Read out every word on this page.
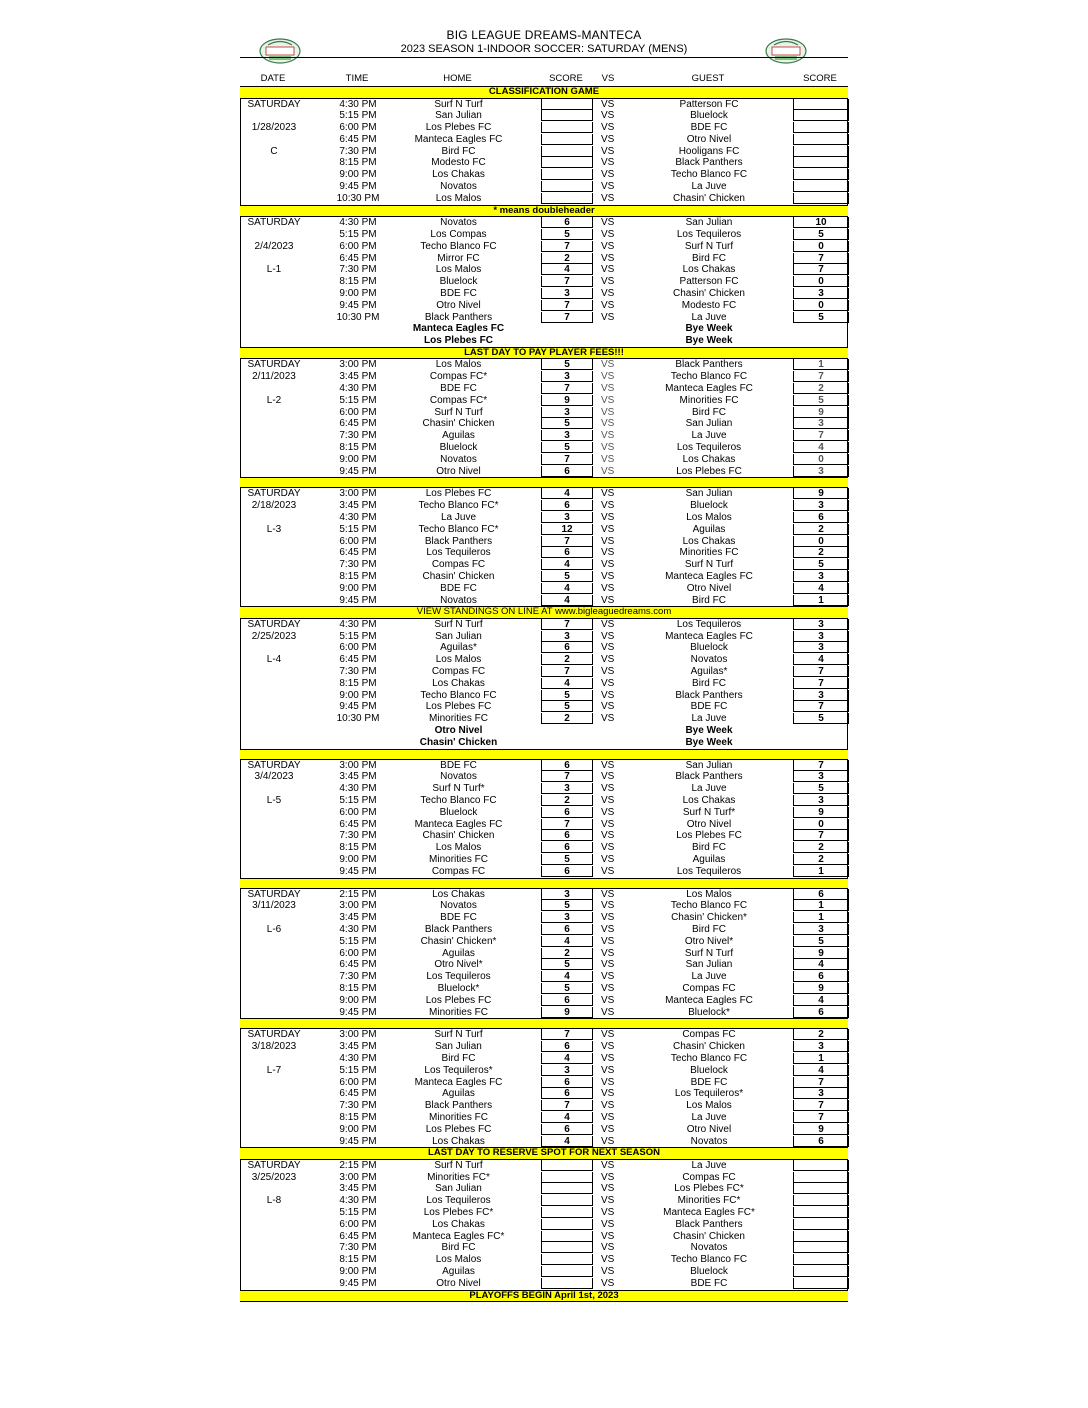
BIG LEAGUE DREAMS-MANTECA
2023 SEASON 1-INDOOR SOCCER: SATURDAY (MENS)
DATE	TIME	HOME	SCORE	VS	GUEST	SCORE
CLASSIFICATION GAME
SATURDAY	4:30 PM	Surf N Turf	VS	Patterson FC
5:15 PM	San Julian	VS	Bluelock
1/28/2023	6:00 PM	Los Plebes FC	VS	BDE FC
6:45 PM	Manteca Eagles FC	VS	Otro Nivel
C	7:30 PM	Bird FC	VS	Hooligans FC
8:15 PM	Modesto FC	VS	Black Panthers
9:00 PM	Los Chakas	VS	Techo Blanco FC
9:45 PM	Novatos	VS	La Juve
10:30 PM	Los Malos	VS	Chasin' Chicken
* means doubleheader
SATURDAY	4:30 PM	Novatos	6	VS	San Julian	10
5:15 PM	Los Compas	5	VS	Los Tequileros	5
2/4/2023	6:00 PM	Techo Blanco FC	7	VS	Surf N Turf	0
6:45 PM	Mirror FC	2	VS	Bird FC	7
L-1	7:30 PM	Los Malos	4	VS	Los Chakas	7
8:15 PM	Bluelock	7	VS	Patterson FC	0
9:00 PM	BDE FC	3	VS	Chasin' Chicken	3
9:45 PM	Otro Nivel	7	VS	Modesto FC	0
10:30 PM	Black Panthers	7	VS	La Juve	5
Manteca Eagles FC	Bye Week
Los Plebes FC	Bye Week
LAST DAY TO PAY PLAYER FEES!!!
SATURDAY	3:00 PM	Los Malos	5	VS	Black Panthers	1
2/11/2023	3:45 PM	Compas FC*	3	VS	Techo Blanco FC	7
4:30 PM	BDE FC	7	VS	Manteca Eagles FC	2
L-2	5:15 PM	Compas FC*	9	VS	Minorities FC	5
6:00 PM	Surf N Turf	3	VS	Bird FC	9
6:45 PM	Chasin' Chicken	5	VS	San Julian	3
7:30 PM	Aguilas	3	VS	La Juve	7
8:15 PM	Bluelock	5	VS	Los Tequileros	4
9:00 PM	Novatos	7	VS	Los Chakas	0
9:45 PM	Otro Nivel	6	VS	Los Plebes FC	3
SATURDAY	3:00 PM	Los Plebes FC	4	VS	San Julian	9
2/18/2023	3:45 PM	Techo Blanco FC*	6	VS	Bluelock	3
4:30 PM	La Juve	3	VS	Los Malos	6
L-3	5:15 PM	Techo Blanco FC*	12	VS	Aguilas	2
6:00 PM	Black Panthers	7	VS	Los Chakas	0
6:45 PM	Los Tequileros	6	VS	Minorities FC	2
7:30 PM	Compas FC	4	VS	Surf N Turf	5
8:15 PM	Chasin' Chicken	5	VS	Manteca Eagles FC	3
9:00 PM	BDE FC	4	VS	Otro Nivel	4
9:45 PM	Novatos	4	VS	Bird FC	1
VIEW STANDINGS ON LINE AT www.bigleaguedreams.com
SATURDAY	4:30 PM	Surf N Turf	7	VS	Los Tequileros	3
2/25/2023	5:15 PM	San Julian	3	VS	Manteca Eagles FC	3
6:00 PM	Aguilas*	6	VS	Bluelock	3
L-4	6:45 PM	Los Malos	2	VS	Novatos	4
7:30 PM	Compas FC	7	VS	Aguilas*	7
8:15 PM	Los Chakas	4	VS	Bird FC	7
9:00 PM	Techo Blanco FC	5	VS	Black Panthers	3
9:45 PM	Los Plebes FC	5	VS	BDE FC	7
10:30 PM	Minorities FC	2	VS	La Juve	5
Otro Nivel	Bye Week
Chasin' Chicken	Bye Week
SATURDAY	3:00 PM	BDE FC	6	VS	San Julian	7
3/4/2023	3:45 PM	Novatos	7	VS	Black Panthers	3
4:30 PM	Surf N Turf*	3	VS	La Juve	5
L-5	5:15 PM	Techo Blanco FC	2	VS	Los Chakas	3
6:00 PM	Bluelock	6	VS	Surf N Turf*	9
6:45 PM	Manteca Eagles FC	7	VS	Otro Nivel	0
7:30 PM	Chasin' Chicken	6	VS	Los Plebes FC	7
8:15 PM	Los Malos	6	VS	Bird FC	2
9:00 PM	Minorities FC	5	VS	Aguilas	2
9:45 PM	Compas FC	6	VS	Los Tequileros	1
SATURDAY	2:15 PM	Los Chakas	3	VS	Los Malos	6
3/11/2023	3:00 PM	Novatos	5	VS	Techo Blanco FC	1
3:45 PM	BDE FC	3	VS	Chasin' Chicken*	1
L-6	4:30 PM	Black Panthers	6	VS	Bird FC	3
5:15 PM	Chasin' Chicken*	4	VS	Otro Nivel*	5
6:00 PM	Aguilas	2	VS	Surf N Turf	9
6:45 PM	Otro Nivel*	5	VS	San Julian	4
7:30 PM	Los Tequileros	4	VS	La Juve	6
8:15 PM	Bluelock*	5	VS	Compas FC	9
9:00 PM	Los Plebes FC	6	VS	Manteca Eagles FC	4
9:45 PM	Minorities FC	9	VS	Bluelock*	6
SATURDAY	3:00 PM	Surf N Turf	7	VS	Compas FC	2
3/18/2023	3:45 PM	San Julian	6	VS	Chasin' Chicken	3
4:30 PM	Bird FC	4	VS	Techo Blanco FC	1
L-7	5:15 PM	Los Tequileros*	3	VS	Bluelock	4
6:00 PM	Manteca Eagles FC	6	VS	BDE FC	7
6:45 PM	Aguilas	6	VS	Los Tequileros*	3
7:30 PM	Black Panthers	7	VS	Los Malos	7
8:15 PM	Minorities FC	4	VS	La Juve	7
9:00 PM	Los Plebes FC	6	VS	Otro Nivel	9
9:45 PM	Los Chakas	4	VS	Novatos	6
LAST DAY TO RESERVE SPOT FOR NEXT SEASON
SATURDAY	2:15 PM	Surf N Turf	VS	La Juve
3/25/2023	3:00 PM	Minorities FC*	VS	Compas FC
3:45 PM	San Julian	VS	Los Plebes FC*
L-8	4:30 PM	Los Tequileros	VS	Minorities FC*
5:15 PM	Los Plebes FC*	VS	Manteca Eagles FC*
6:00 PM	Los Chakas	VS	Black Panthers
6:45 PM	Manteca Eagles FC*	VS	Chasin' Chicken
7:30 PM	Bird FC	VS	Novatos
8:15 PM	Los Malos	VS	Techo Blanco FC
9:00 PM	Aguilas	VS	Bluelock
9:45 PM	Otro Nivel	VS	BDE FC
PLAYOFFS BEGIN April 1st, 2023
